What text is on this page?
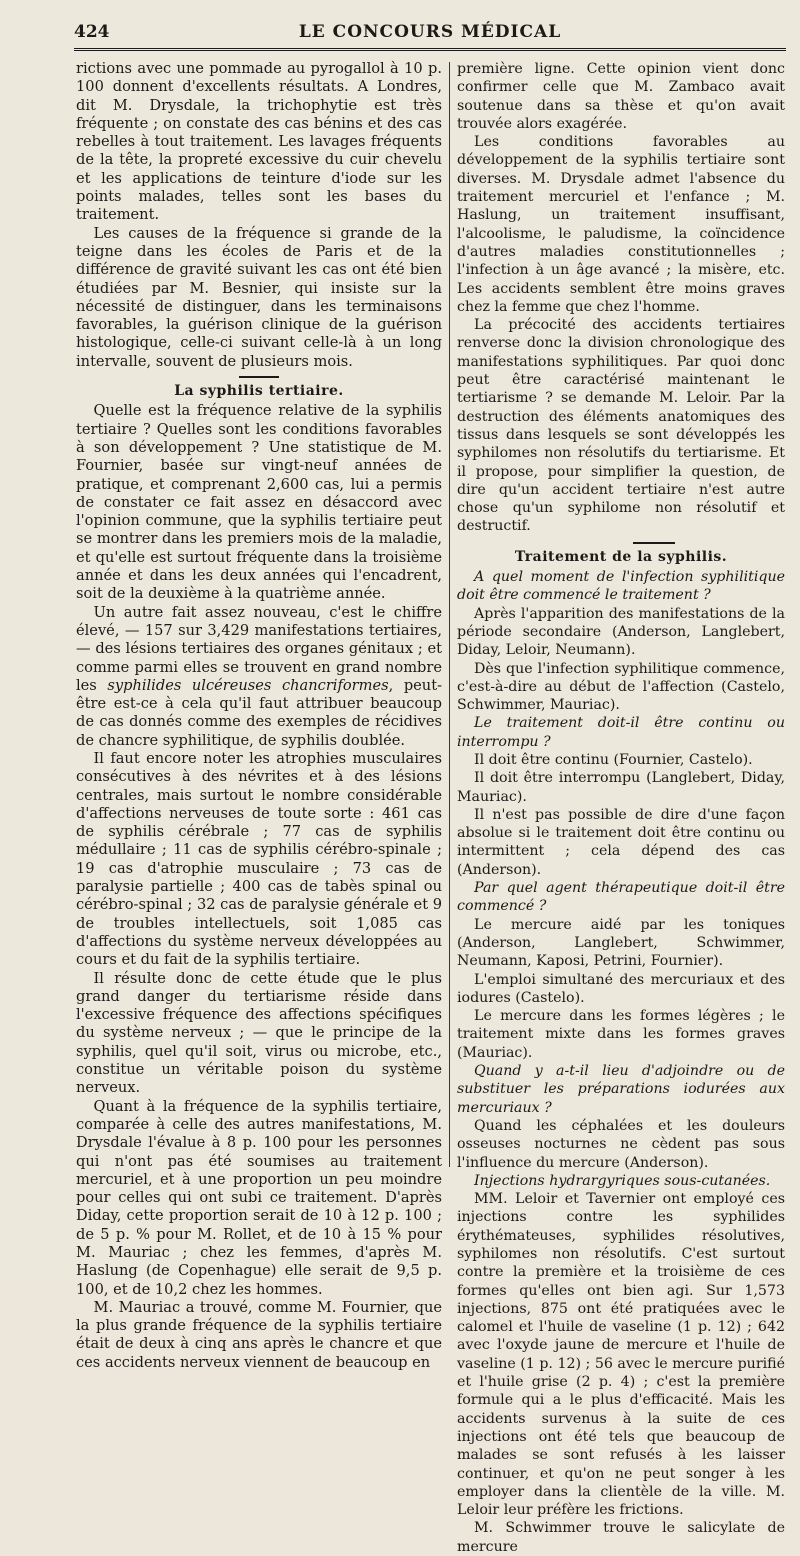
424	LE CONCOURS MÉDICAL

rictions avec une pommade au pyrogallol à 10 p. 100 donnent d'excellents résultats. A Londres, dit M. Drysdale, la trichophytie est très fréquente ; on constate des cas bénins et des cas rebelles à tout traitement. Les lavages fréquents de la tête, la propreté excessive du cuir chevelu et les applications de teinture d'iode sur les points malades, telles sont les bases du traitement.

Les causes de la fréquence si grande de la teigne dans les écoles de Paris et de la différence de gravité suivant les cas ont été bien étudiées par M. Besnier, qui insiste sur la nécessité de distinguer, dans les terminaisons favorables, la guérison clinique de la guérison histologique, celle-ci suivant celle-là à un long intervalle, souvent de plusieurs mois.

La syphilis tertiaire.

Quelle est la fréquence relative de la syphilis tertiaire ? Quelles sont les conditions favorables à son développement ? Une statistique de M. Fournier, basée sur vingt-neuf années de pratique, et comprenant 2,600 cas, lui a permis de constater ce fait assez en désaccord avec l'opinion commune, que la syphilis tertiaire peut se montrer dans les premiers mois de la maladie, et qu'elle est surtout fréquente dans la troisième année et dans les deux années qui l'encadrent, soit de la deuxième à la quatrième année.

Un autre fait assez nouveau, c'est le chiffre élevé, — 157 sur 3,429 manifestations tertiaires, — des lésions tertiaires des organes génitaux ; et comme parmi elles se trouvent en grand nombre les syphilides ulcéreuses chancriformes, peut-être est-ce à cela qu'il faut attribuer beaucoup de cas donnés comme des exemples de récidives de chancre syphilitique, de syphilis doublée.

Il faut encore noter les atrophies musculaires consécutives à des névrites et à des lésions centrales, mais surtout le nombre considérable d'affections nerveuses de toute sorte : 461 cas de syphilis cérébrale ; 77 cas de syphilis médullaire ; 11 cas de syphilis cérébro-spinale ; 19 cas d'atrophie musculaire ; 73 cas de paralysie partielle ; 400 cas de tabès spinal ou cérébro-spinal ; 32 cas de paralysie générale et 9 de troubles intellectuels, soit 1,085 cas d'affections du système nerveux développées au cours et du fait de la syphilis tertiaire.

Il résulte donc de cette étude que le plus grand danger du tertiarisme réside dans l'excessive fréquence des affections spécifiques du système nerveux ; — que le principe de la syphilis, quel qu'il soit, virus ou microbe, etc., constitue un véritable poison du système nerveux.

Quant à la fréquence de la syphilis tertiaire, comparée à celle des autres manifestations, M. Drysdale l'évalue à 8 p. 100 pour les personnes qui n'ont pas été soumises au traitement mercuriel, et à une proportion un peu moindre pour celles qui ont subi ce traitement. D'après Diday, cette proportion serait de 10 à 12 p. 100 ; de 5 p. % pour M. Rollet, et de 10 à 15 % pour M. Mauriac ; chez les femmes, d'après M. Haslung (de Copenhague) elle serait de 9,5 p. 100, et de 10,2 chez les hommes.

M. Mauriac a trouvé, comme M. Fournier, que la plus grande fréquence de la syphilis tertiaire était de deux à cinq ans après le chancre et que ces accidents nerveux viennent de beaucoup en

première ligne. Cette opinion vient donc confirmer celle que M. Zambaco avait soutenue dans sa thèse et qu'on avait trouvée alors exagérée.

Les conditions favorables au développement de la syphilis tertiaire sont diverses. M. Drysdale admet l'absence du traitement mercuriel et l'enfance ; M. Haslung, un traitement insuffisant, l'alcoolisme, le paludisme, la coïncidence d'autres maladies constitutionnelles ; l'infection à un âge avancé ; la misère, etc. Les accidents semblent être moins graves chez la femme que chez l'homme.

La précocité des accidents tertiaires renverse donc la division chronologique des manifestations syphilitiques. Par quoi donc peut être caractérisé maintenant le tertiarisme ? se demande M. Leloir. Par la destruction des éléments anatomiques des tissus dans lesquels se sont développés les syphilomes non résolutifs du tertiarisme. Et il propose, pour simplifier la question, de dire qu'un accident tertiaire n'est autre chose qu'un syphilome non résolutif et destructif.

Traitement de la syphilis.

A quel moment de l'infection syphilitique doit être commencé le traitement ?

Après l'apparition des manifestations de la période secondaire (Anderson, Langlebert, Diday, Leloir, Neumann).

Dès que l'infection syphilitique commence, c'est-à-dire au début de l'affection (Castelo, Schwimmer, Mauriac).

Le traitement doit-il être continu ou interrompu ?

Il doit être continu (Fournier, Castelo).

Il doit être interrompu (Langlebert, Diday, Mauriac).

Il n'est pas possible de dire d'une façon absolue si le traitement doit être continu ou intermittent ; cela dépend des cas (Anderson).

Par quel agent thérapeutique doit-il être commencé ?

Le mercure aidé par les toniques (Anderson, Langlebert, Schwimmer, Neumann, Kaposi, Petrini, Fournier).

L'emploi simultané des mercuriaux et des iodures (Castelo).

Le mercure dans les formes légères ; le traitement mixte dans les formes graves (Mauriac).

Quand y a-t-il lieu d'adjoindre ou de substituer les préparations iodurées aux mercuriaux ?

Quand les céphalées et les douleurs osseuses nocturnes ne cèdent pas sous l'influence du mercure (Anderson).

Injections hydrargyriques sous-cutanées.

MM. Leloir et Tavernier ont employé ces injections contre les syphilides érythémateuses, syphilides résolutives, syphilomes non résolutifs. C'est surtout contre la première et la troisième de ces formes qu'elles ont bien agi. Sur 1,573 injections, 875 ont été pratiquées avec le calomel et l'huile de vaseline (1 p. 12) ; 642 avec l'oxyde jaune de mercure et l'huile de vaseline (1 p. 12) ; 56 avec le mercure purifié et l'huile grise (2 p. 4) ; c'est la première formule qui a le plus d'efficacité. Mais les accidents survenus à la suite de ces injections ont été tels que beaucoup de malades se sont refusés à les laisser continuer, et qu'on ne peut songer à les employer dans la clientèle de la ville. M. Leloir leur préfère les frictions.

M. Schwimmer trouve le salicylate de mercure
